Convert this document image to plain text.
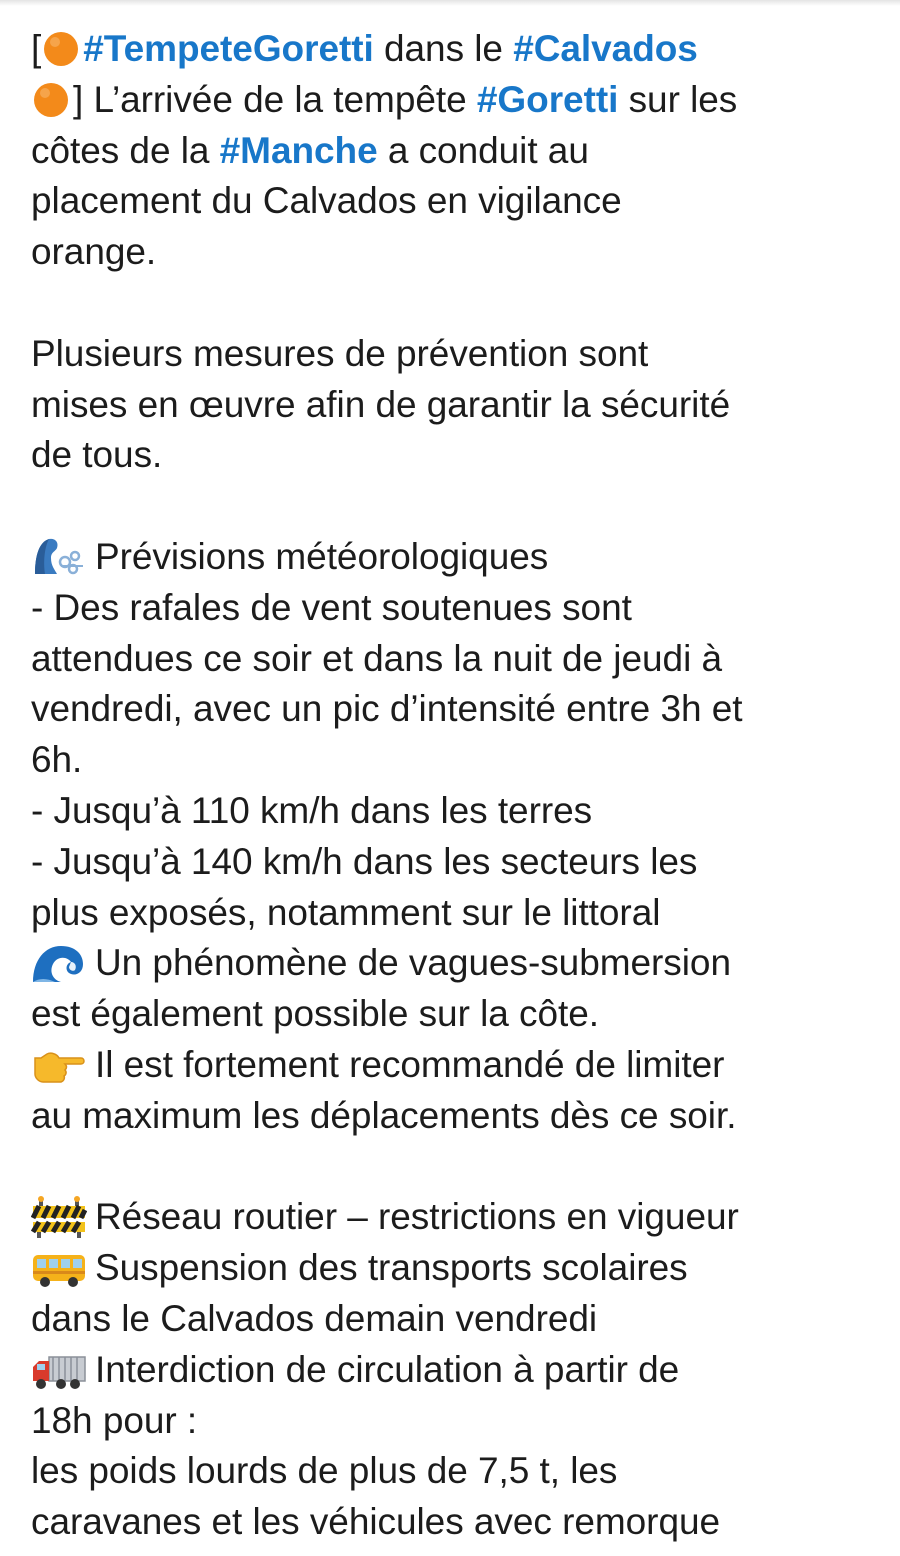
[ #TempeteGoretti dans le #Calvados
] L’arrivée de la tempête #Goretti sur les
côtes de la #Manche a conduit au
placement du Calvados en vigilance
orange.
Plusieurs mesures de prévention sont
mises en œuvre afin de garantir la sécurité
de tous.
Prévisions météorologiques
- Des rafales de vent soutenues sont
attendues ce soir et dans la nuit de jeudi à
vendredi, avec un pic d’intensité entre 3h et
6h.
- Jusqu’à 110 km/h dans les terres
- Jusqu’à 140 km/h dans les secteurs les
plus exposés, notamment sur le littoral
Un phénomène de vagues-submersion
est également possible sur la côte.
Il est fortement recommandé de limiter
au maximum les déplacements dès ce soir.
Réseau routier – restrictions en vigueur
Suspension des transports scolaires
dans le Calvados demain vendredi
Interdiction de circulation à partir de
18h pour :
les poids lourds de plus de 7,5 t, les
caravanes et les véhicules avec remorque
